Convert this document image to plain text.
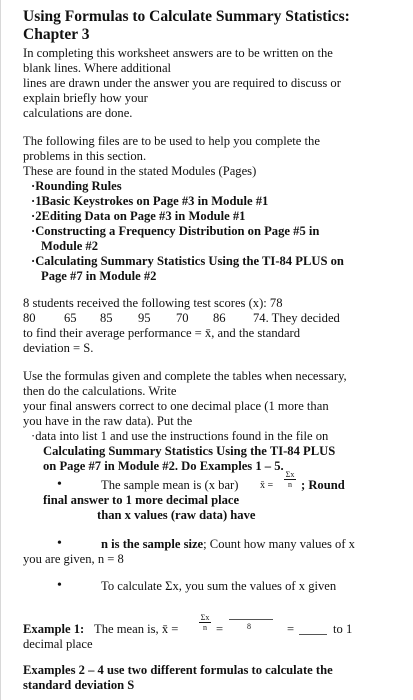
Using Formulas to Calculate Summary Statistics:
Chapter 3
In completing this worksheet answers are to be written on the
blank lines. Where additional
lines are drawn under the answer you are required to discuss or
explain briefly how your
calculations are done.
The following files are to be used to help you complete the
problems in this section.
These are found in the stated Modules (Pages)
·Rounding Rules
·1Basic Keystrokes on Page #3 in Module #1
·2Editing Data on Page #3 in Module #1
·Constructing a Frequency Distribution on Page #5 in
Module #2
·Calculating Summary Statistics Using the TI-84 PLUS on
Page #7 in Module #2
8 students received the following test scores (x): 78
80 65 85 95 70 86 74. They decided
to find their average performance = x̄, and the standard
deviation = S.
Use the formulas given and complete the tables when necessary,
then do the calculations. Write
your final answers correct to one decimal place (1 more than
you have in the raw data). Put the
·data into list 1 and use the instructions found in the file on
Calculating Summary Statistics Using the TI-84 PLUS
on Page #7 in Module #2. Do Examples 1 – 5.
•	The sample mean is (x bar) x̄ = $\frac{\Sigma x}{n}$ ; Round
final answer to 1 more decimal place
than x values (raw data) have
•	n is the sample size; Count how many values of x
you are given, n = 8
•	To calculate Σx, you sum the values of x given
Example 1: The mean is, x̄ =	$\frac{\Sigma x}{n}$ =	8	=	to 1
decimal place
Examples 2 – 4 use two different formulas to calculate the
standard deviation S
